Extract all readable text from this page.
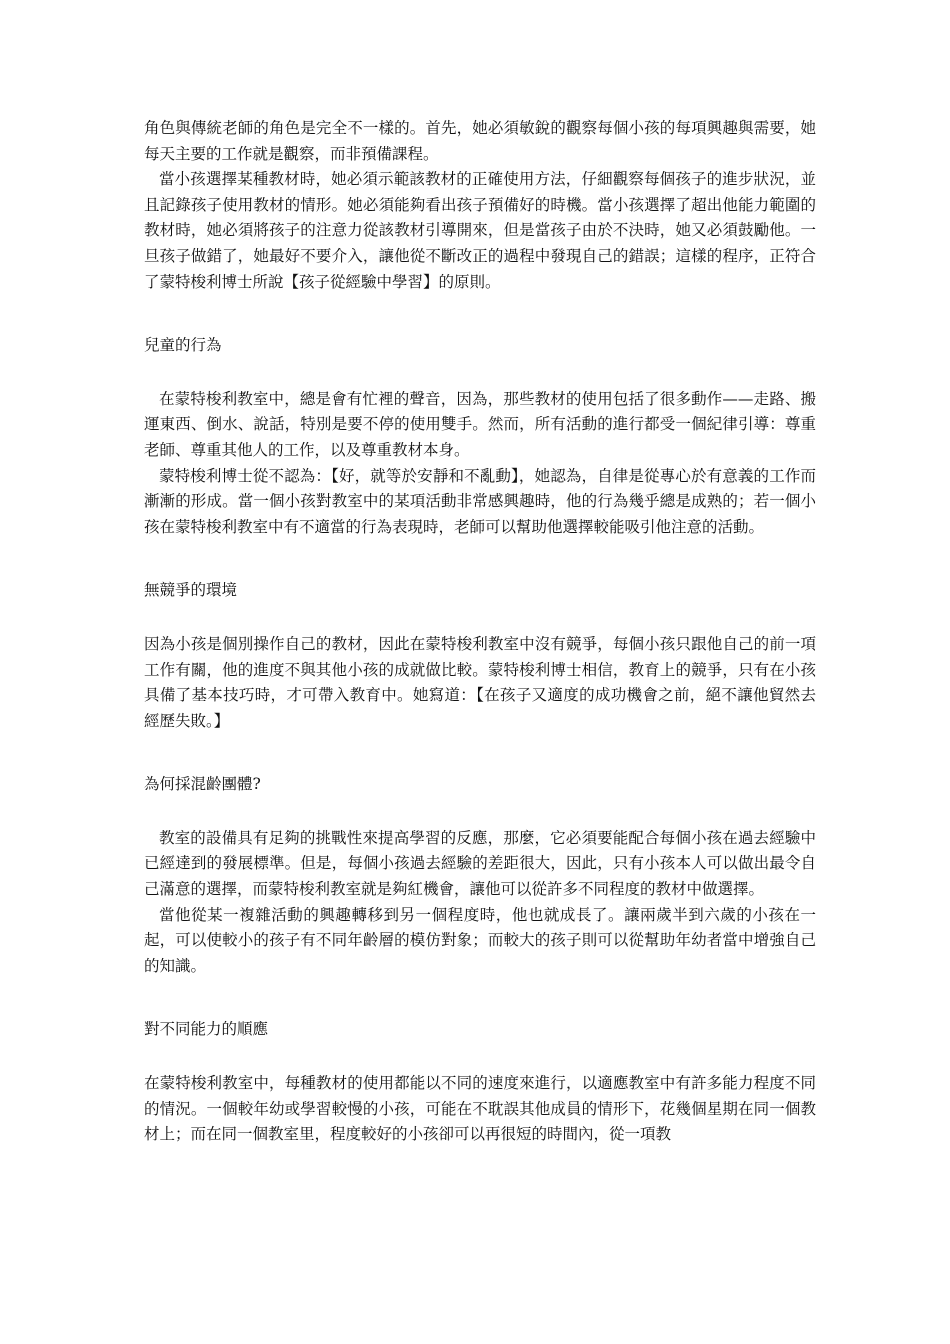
角色與傳統老師的角色是完全不一樣的。首先，她必須敏銳的觀察每個小孩的每項興趣與需要，她每天主要的工作就是觀察，而非預備課程。

當小孩選擇某種教材時，她必須示範該教材的正確使用方法，仔細觀察每個孩子的進步狀況，並且記錄孩子使用教材的情形。她必須能夠看出孩子預備好的時機。當小孩選擇了超出他能力範圍的教材時，她必須將孩子的注意力從該教材引導開來，但是當孩子由於不決時，她又必須鼓勵他。一旦孩子做錯了，她最好不要介入，讓他從不斷改正的過程中發現自己的錯誤；這樣的程序，正符合了蒙特梭利博士所說【孩子從經驗中學習】的原則。

兒童的行為

在蒙特梭利教室中，總是會有忙裡的聲音，因為，那些教材的使用包括了很多動作——走路、搬運東西、倒水、說話，特別是要不停的使用雙手。然而，所有活動的進行都受一個紀律引導：尊重老師、尊重其他人的工作，以及尊重教材本身。

蒙特梭利博士從不認為：【好，就等於安靜和不亂動】，她認為，自律是從專心於有意義的工作而漸漸的形成。當一個小孩對教室中的某項活動非常感興趣時，他的行為幾乎總是成熟的；若一個小孩在蒙特梭利教室中有不適當的行為表現時，老師可以幫助他選擇較能吸引他注意的活動。

無競爭的環境

因為小孩是個別操作自己的教材，因此在蒙特梭利教室中沒有競爭，每個小孩只跟他自己的前一項工作有關，他的進度不與其他小孩的成就做比較。蒙特梭利博士相信，教育上的競爭，只有在小孩具備了基本技巧時，才可帶入教育中。她寫道：【在孩子又適度的成功機會之前，絕不讓他貿然去經歷失敗。】

為何採混齡團體?

教室的設備具有足夠的挑戰性來提高學習的反應，那麼，它必須要能配合每個小孩在過去經驗中已經達到的發展標準。但是，每個小孩過去經驗的差距很大，因此，只有小孩本人可以做出最令自己滿意的選擇，而蒙特梭利教室就是夠紅機會，讓他可以從許多不同程度的教材中做選擇。

當他從某一複雜活動的興趣轉移到另一個程度時，他也就成長了。讓兩歲半到六歲的小孩在一起，可以使較小的孩子有不同年齡層的模仿對象；而較大的孩子則可以從幫助年幼者當中增強自己的知識。

對不同能力的順應

在蒙特梭利教室中，每種教材的使用都能以不同的速度來進行，以適應教室中有許多能力程度不同的情況。一個較年幼或學習較慢的小孩，可能在不耽誤其他成員的情形下，花幾個星期在同一個教材上；而在同一個教室里，程度較好的小孩卻可以再很短的時間內，從一項教
